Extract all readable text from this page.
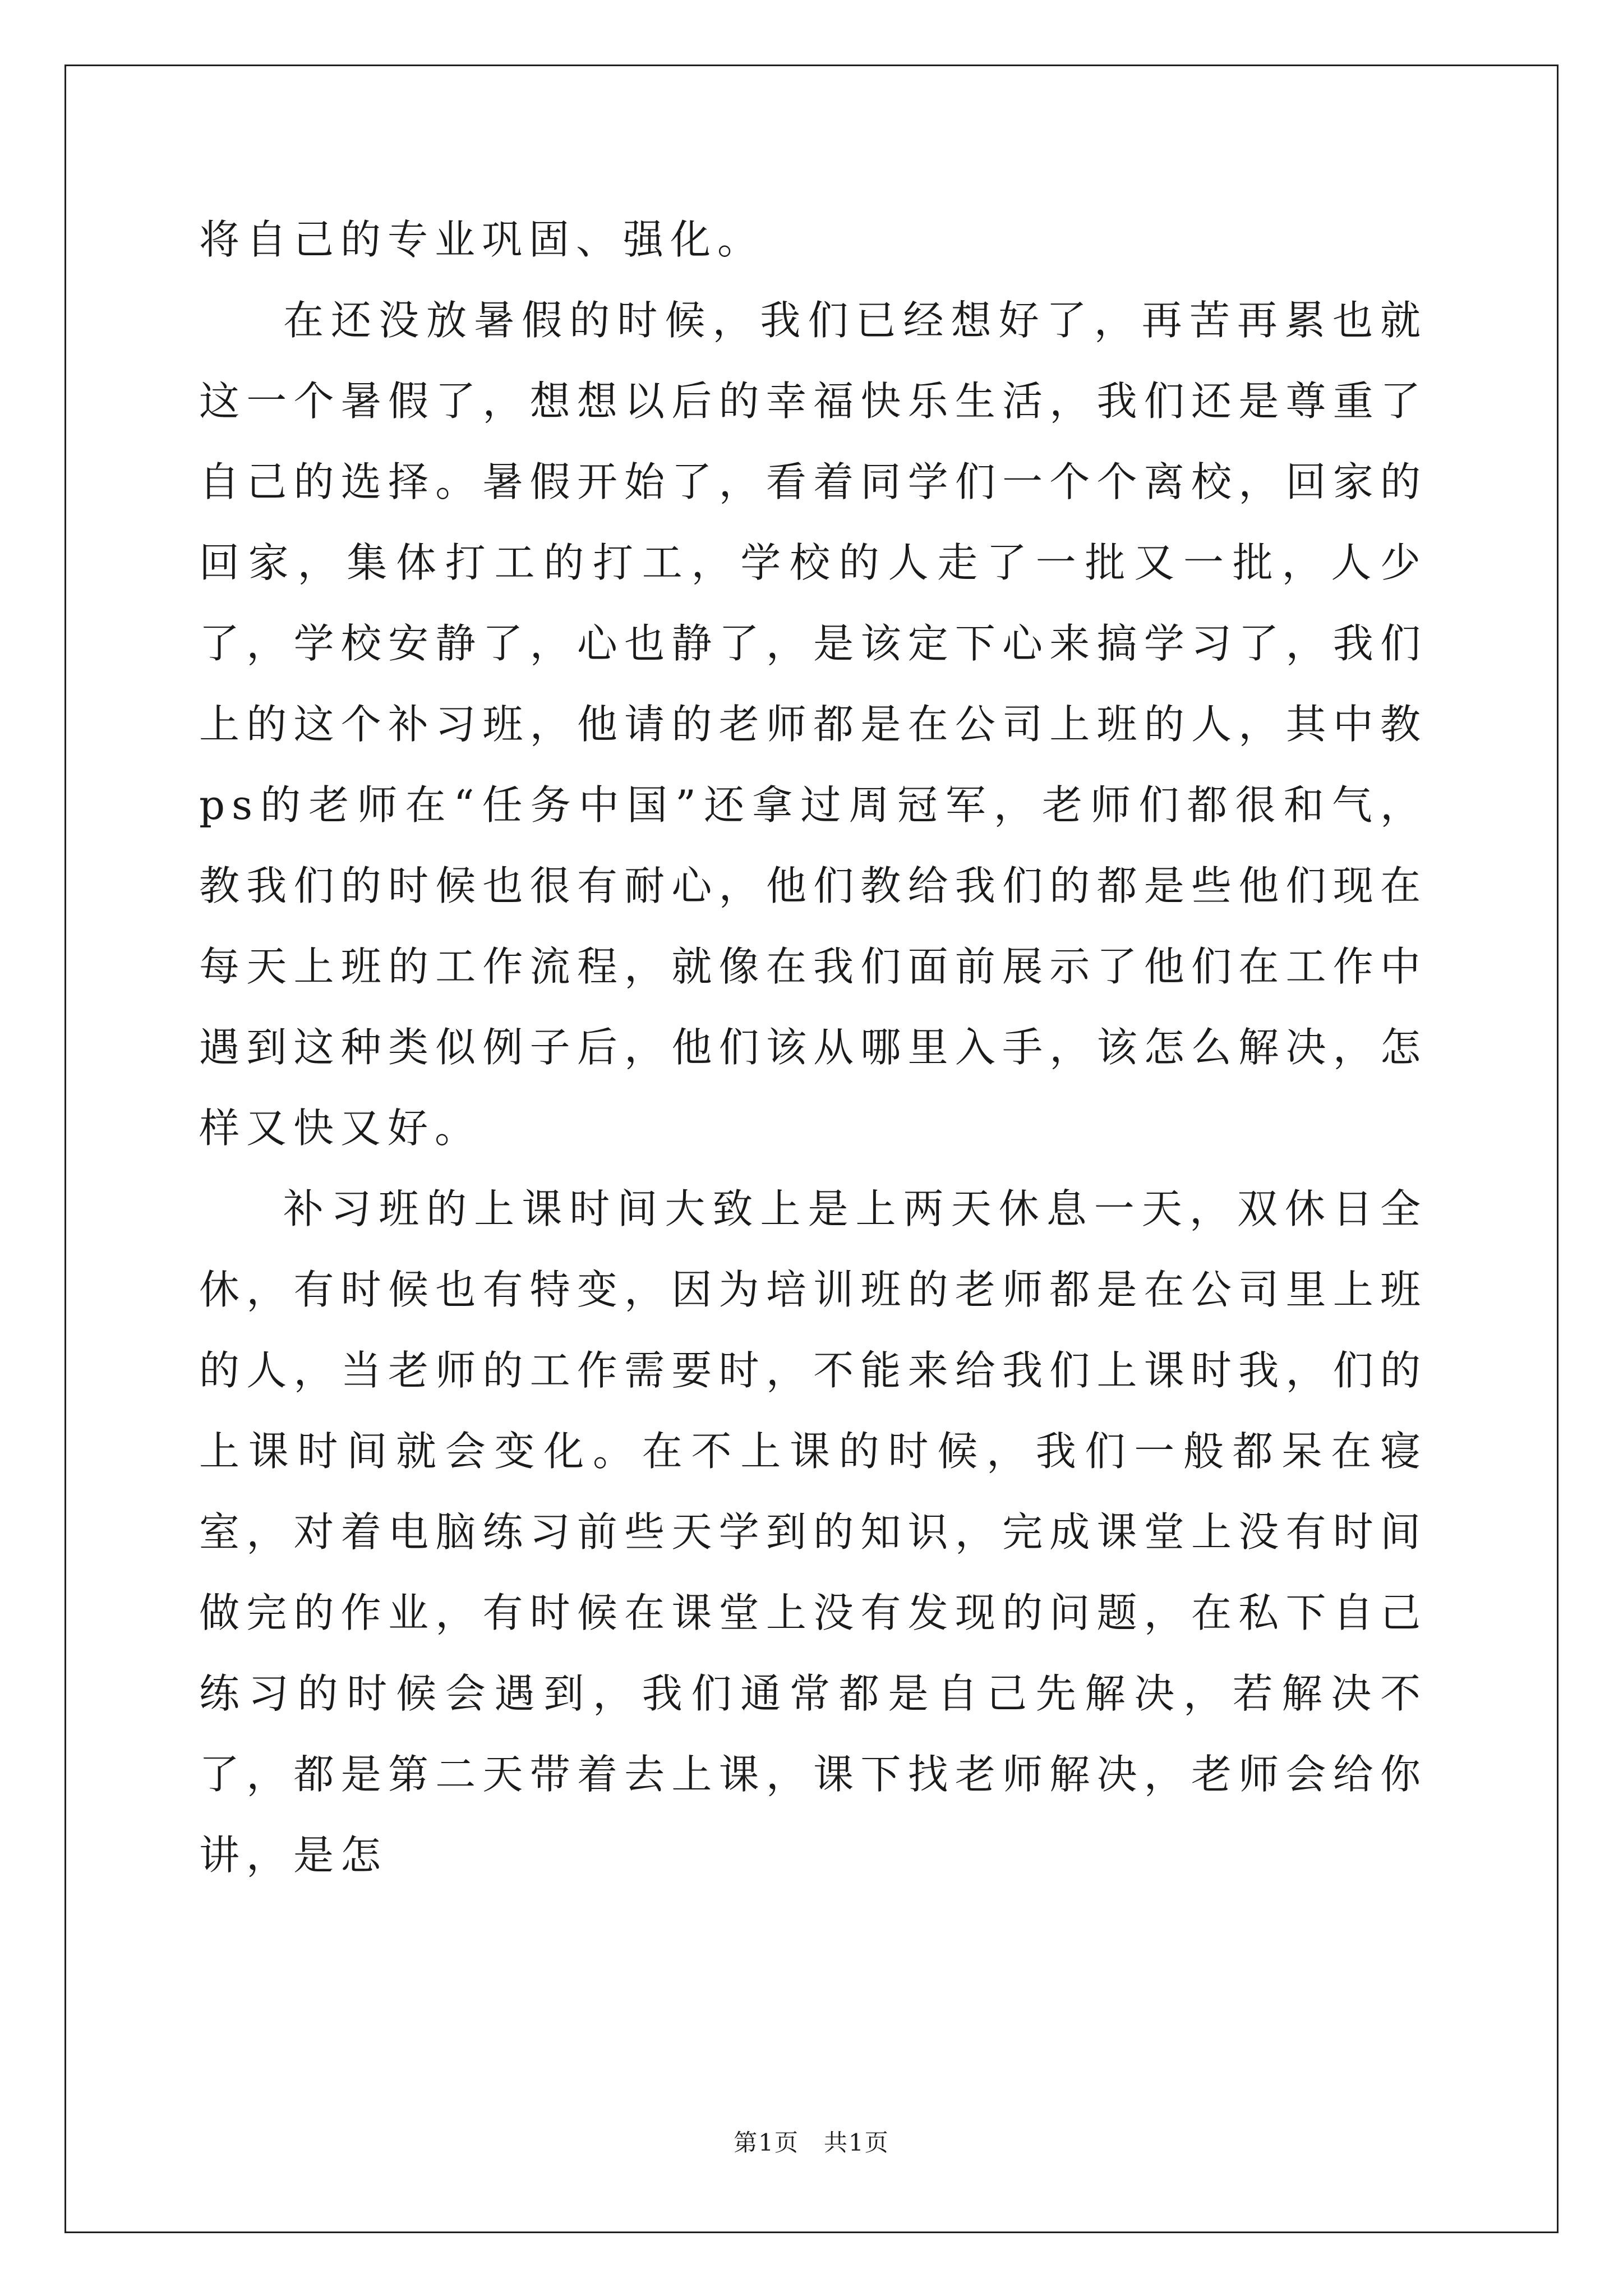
将自己的专业巩固、强化。

在还没放暑假的时候，我们已经想好了，再苦再累也就这一个暑假了，想想以后的幸福快乐生活，我们还是尊重了自己的选择。暑假开始了，看着同学们一个个离校，回家的回家，集体打工的打工，学校的人走了一批又一批，人少了，学校安静了，心也静了，是该定下心来搞学习了，我们上的这个补习班，他请的老师都是在公司上班的人，其中教ps的老师在“任务中国”还拿过周冠军，老师们都很和气，教我们的时候也很有耐心，他们教给我们的都是些他们现在每天上班的工作流程，就像在我们面前展示了他们在工作中遇到这种类似例子后，他们该从哪里入手，该怎么解决，怎样又快又好。

补习班的上课时间大致上是上两天休息一天，双休日全休，有时候也有特变，因为培训班的老师都是在公司里上班的人，当老师的工作需要时，不能来给我们上课时我，们的上课时间就会变化。在不上课的时候，我们一般都呆在寝室，对着电脑练习前些天学到的知识，完成课堂上没有时间做完的作业，有时候在课堂上没有发现的问题，在私下自己练习的时候会遇到，我们通常都是自己先解决，若解决不了，都是第二天带着去上课，课下找老师解决，老师会给你讲，是怎

第1页 共1页
